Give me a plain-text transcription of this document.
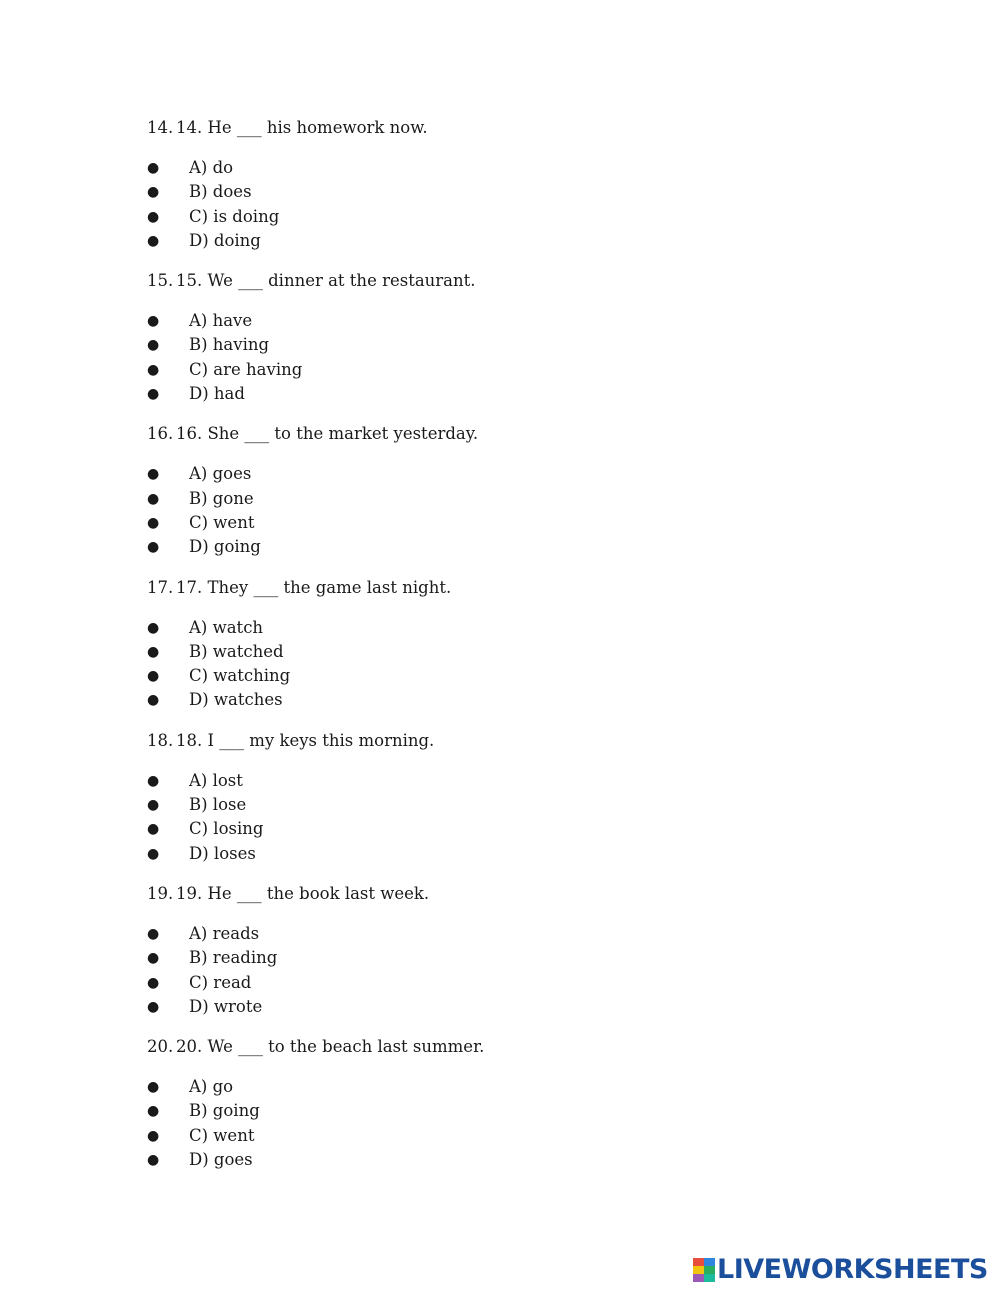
14. 14. He ___ his homework now.
●	A) do
●	B) does
●	C) is doing
●	D) doing
15. 15. We ___ dinner at the restaurant.
●	A) have
●	B) having
●	C) are having
●	D) had
16. 16. She ___ to the market yesterday.
●	A) goes
●	B) gone
●	C) went
●	D) going
17. 17. They ___ the game last night.
●	A) watch
●	B) watched
●	C) watching
●	D) watches
18. 18. I ___ my keys this morning.
●	A) lost
●	B) lose
●	C) losing
●	D) loses
19. 19. He ___ the book last week.
●	A) reads
●	B) reading
●	C) read
●	D) wrote
20. 20. We ___ to the beach last summer.
●	A) go
●	B) going
●	C) went
●	D) goes
LIVEWORKSHEETS
